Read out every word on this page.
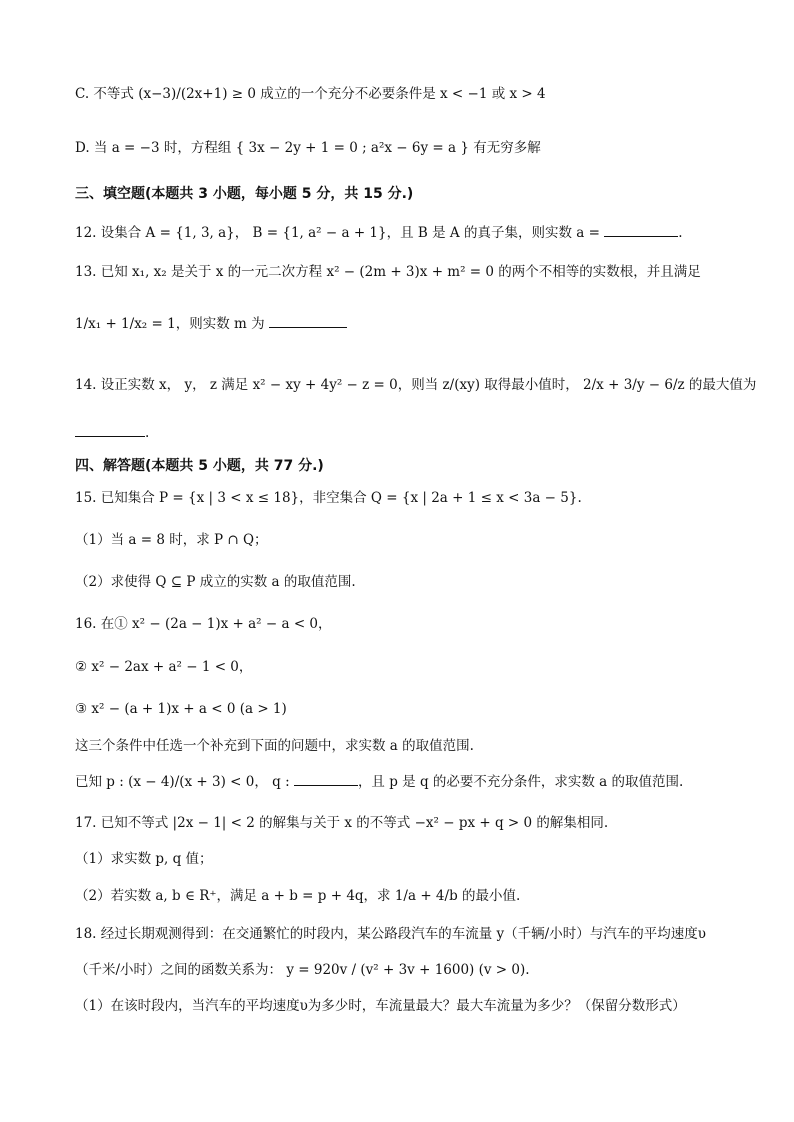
C. 不等式 (x−3)/(2x+1) ≥ 0 成立的一个充分不必要条件是 x < −1 或 x > 4
D. 当 a = −3 时，方程组 { 3x − 2y + 1 = 0 ; a²x − 6y = a } 有无穷多解
三、填空题(本题共 3 小题，每小题 5 分，共 15 分.)
12. 设集合 A = {1, 3, a}， B = {1, a² − a + 1}，且 B 是 A 的真子集，则实数 a =	.
13. 已知 x₁, x₂ 是关于 x 的一元二次方程 x² − (2m + 3)x + m² = 0 的两个不相等的实数根，并且满足
1/x₁ + 1/x₂ = 1，则实数 m 为
14. 设正实数 x， y， z 满足 x² − xy + 4y² − z = 0，则当 z/(xy) 取得最小值时， 2/x + 3/y − 6/z 的最大值为
.
四、解答题(本题共 5 小题，共 77 分.)
15. 已知集合 P = {x | 3 < x ≤ 18}，非空集合 Q = {x | 2a + 1 ≤ x < 3a − 5}.
（1）当 a = 8 时，求 P ∩ Q；
（2）求使得 Q ⊆ P 成立的实数 a 的取值范围.
16. 在① x² − (2a − 1)x + a² − a < 0，
② x² − 2ax + a² − 1 < 0，
③ x² − (a + 1)x + a < 0 (a > 1)
这三个条件中任选一个补充到下面的问题中，求实数 a 的取值范围.
已知 p : (x − 4)/(x + 3) < 0， q :	，且 p 是 q 的必要不充分条件，求实数 a 的取值范围.
17. 已知不等式 |2x − 1| < 2 的解集与关于 x 的不等式 −x² − px + q > 0 的解集相同.
（1）求实数 p, q 值；
（2）若实数 a, b ∈ R⁺，满足 a + b = p + 4q，求 1/a + 4/b 的最小值.
18. 经过长期观测得到：在交通繁忙的时段内，某公路段汽车的车流量 y（千辆/小时）与汽车的平均速度υ
（千米/小时）之间的函数关系为： y = 920v / (v² + 3v + 1600) (v > 0).
（1）在该时段内，当汽车的平均速度υ为多少时，车流量最大？最大车流量为多少？（保留分数形式）
